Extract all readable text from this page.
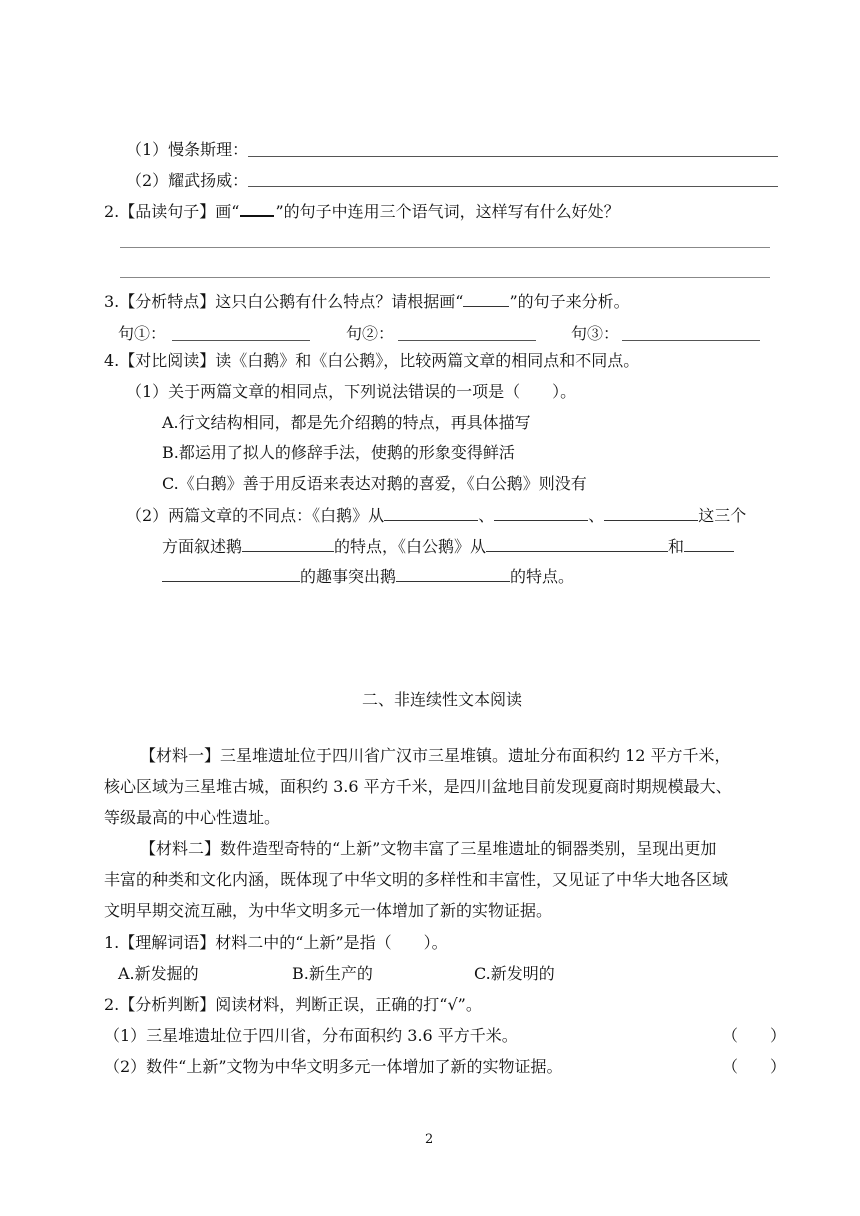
（1）慢条斯理：
（2）耀武扬威：
2.【品读句子】画“ ”的句子中连用三个语气词，这样写有什么好处？
3.【分析特点】这只白公鹅有什么特点？请根据画“	”的句子来分析。
句①：	句②：	句③：
4.【对比阅读】读《白鹅》和《白公鹅》，比较两篇文章的相同点和不同点。
（1）关于两篇文章的相同点，下列说法错误的一项是（　　）。
A.行文结构相同，都是先介绍鹅的特点，再具体描写
B.都运用了拟人的修辞手法，使鹅的形象变得鲜活
C.《白鹅》善于用反语来表达对鹅的喜爱，《白公鹅》则没有
（2）两篇文章的不同点：《白鹅》从	、	、	这三个
方面叙述鹅	的特点，《白公鹅》从	和
的趣事突出鹅	的特点。
二、非连续性文本阅读
【材料一】三星堆遗址位于四川省广汉市三星堆镇。遗址分布面积约 12 平方千米，
核心区域为三星堆古城，面积约 3.6 平方千米，是四川盆地目前发现夏商时期规模最大、
等级最高的中心性遗址。
【材料二】数件造型奇特的“上新”文物丰富了三星堆遗址的铜器类别，呈现出更加
丰富的种类和文化内涵，既体现了中华文明的多样性和丰富性，又见证了中华大地各区域
文明早期交流互融，为中华文明多元一体增加了新的实物证据。
1.【理解词语】材料二中的“上新”是指（　　）。
A.新发掘的	B.新生产的	C.新发明的
2.【分析判断】阅读材料，判断正误，正确的打“√”。
（1）三星堆遗址位于四川省，分布面积约 3.6 平方千米。	（　　）
（2）数件“上新”文物为中华文明多元一体增加了新的实物证据。	（　　）
2
